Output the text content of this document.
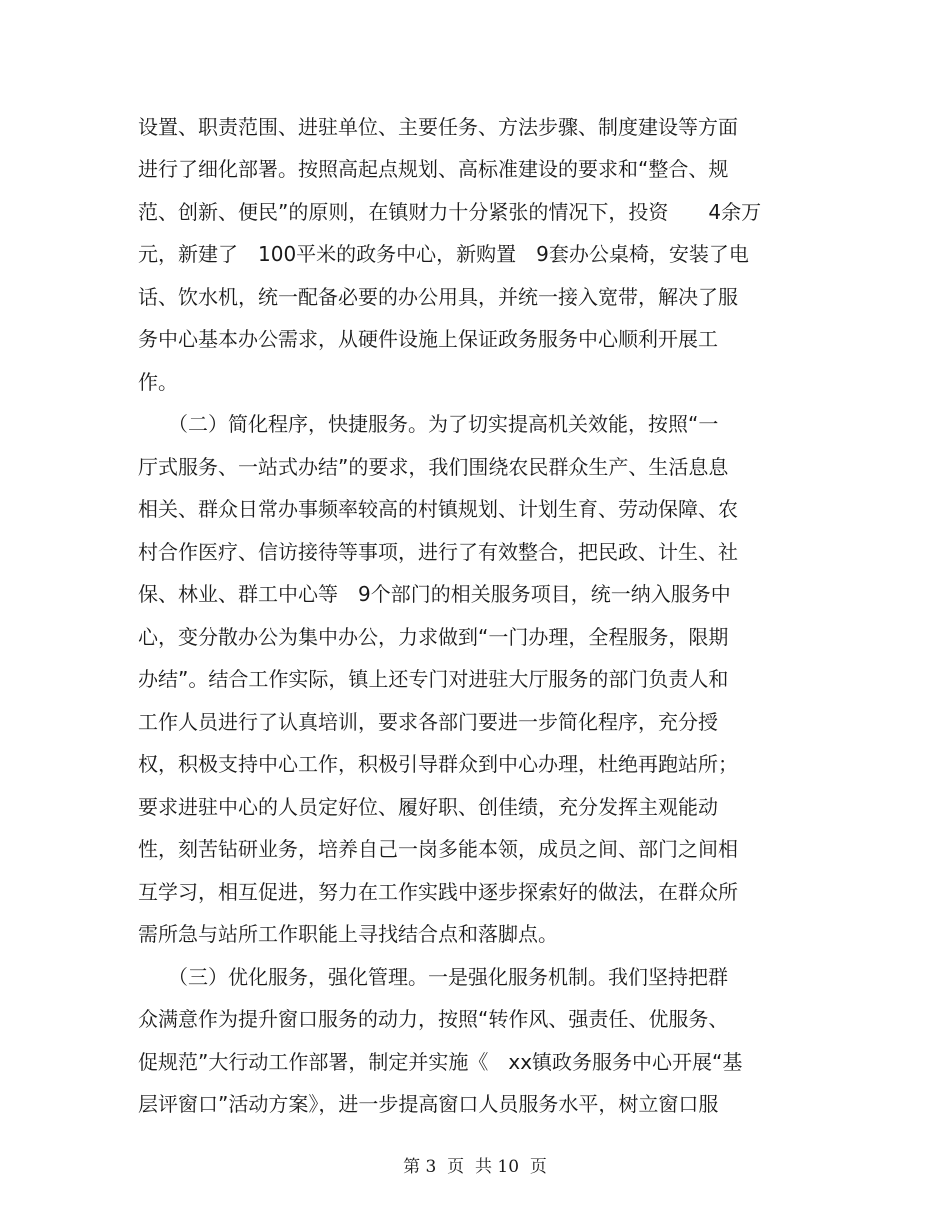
设置、职责范围、进驻单位、主要任务、方法步骤、制度建设等方面
进行了细化部署。按照高起点规划、高标准建设的要求和“整合、规
范、创新、便民”的原则，在镇财力十分紧张的情况下，投资　　4余万
元，新建了　100平米的政务中心，新购置　9套办公桌椅，安装了电
话、饮水机，统一配备必要的办公用具，并统一接入宽带，解决了服
务中心基本办公需求，从硬件设施上保证政务服务中心顺利开展工
作。
　　（二）简化程序，快捷服务。为了切实提高机关效能，按照“一
厅式服务、一站式办结”的要求，我们围绕农民群众生产、生活息息
相关、群众日常办事频率较高的村镇规划、计划生育、劳动保障、农
村合作医疗、信访接待等事项，进行了有效整合，把民政、计生、社
保、林业、群工中心等　9个部门的相关服务项目，统一纳入服务中
心，变分散办公为集中办公，力求做到“一门办理，全程服务，限期
办结”。结合工作实际，镇上还专门对进驻大厅服务的部门负责人和
工作人员进行了认真培训，要求各部门要进一步简化程序，充分授
权，积极支持中心工作，积极引导群众到中心办理，杜绝再跑站所；
要求进驻中心的人员定好位、履好职、创佳绩，充分发挥主观能动
性，刻苦钻研业务，培养自己一岗多能本领，成员之间、部门之间相
互学习，相互促进，努力在工作实践中逐步探索好的做法，在群众所
需所急与站所工作职能上寻找结合点和落脚点。
　　（三）优化服务，强化管理。一是强化服务机制。我们坚持把群
众满意作为提升窗口服务的动力，按照“转作风、强责任、优服务、
促规范”大行动工作部署，制定并实施《　xx镇政务服务中心开展“基
层评窗口”活动方案》，进一步提高窗口人员服务水平，树立窗口服
第 3  页  共 10  页
